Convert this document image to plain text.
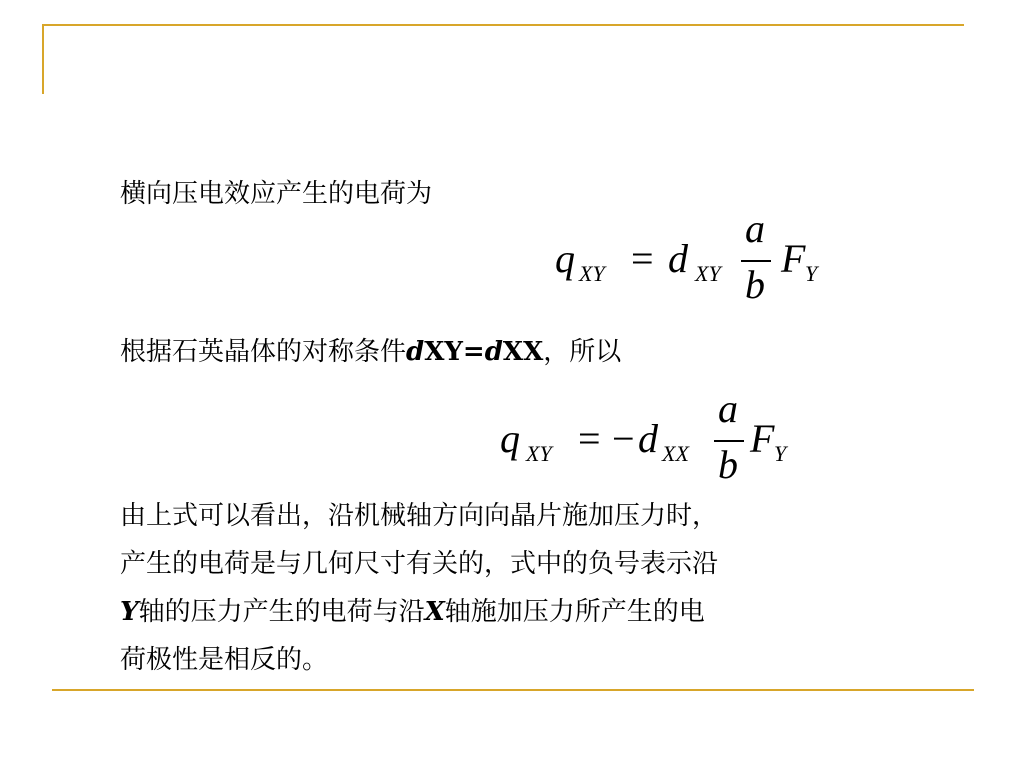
横向压电效应产生的电荷为
q XY = d XY
a
b
F Y
根据石英晶体的对称条件dXY=dXX，所以
q XY = − d XX
a
b
F Y
由上式可以看出，沿机械轴方向向晶片施加压力时，
产生的电荷是与几何尺寸有关的，式中的负号表示沿
Y轴的压力产生的电荷与沿X轴施加压力所产生的电
荷极性是相反的。
